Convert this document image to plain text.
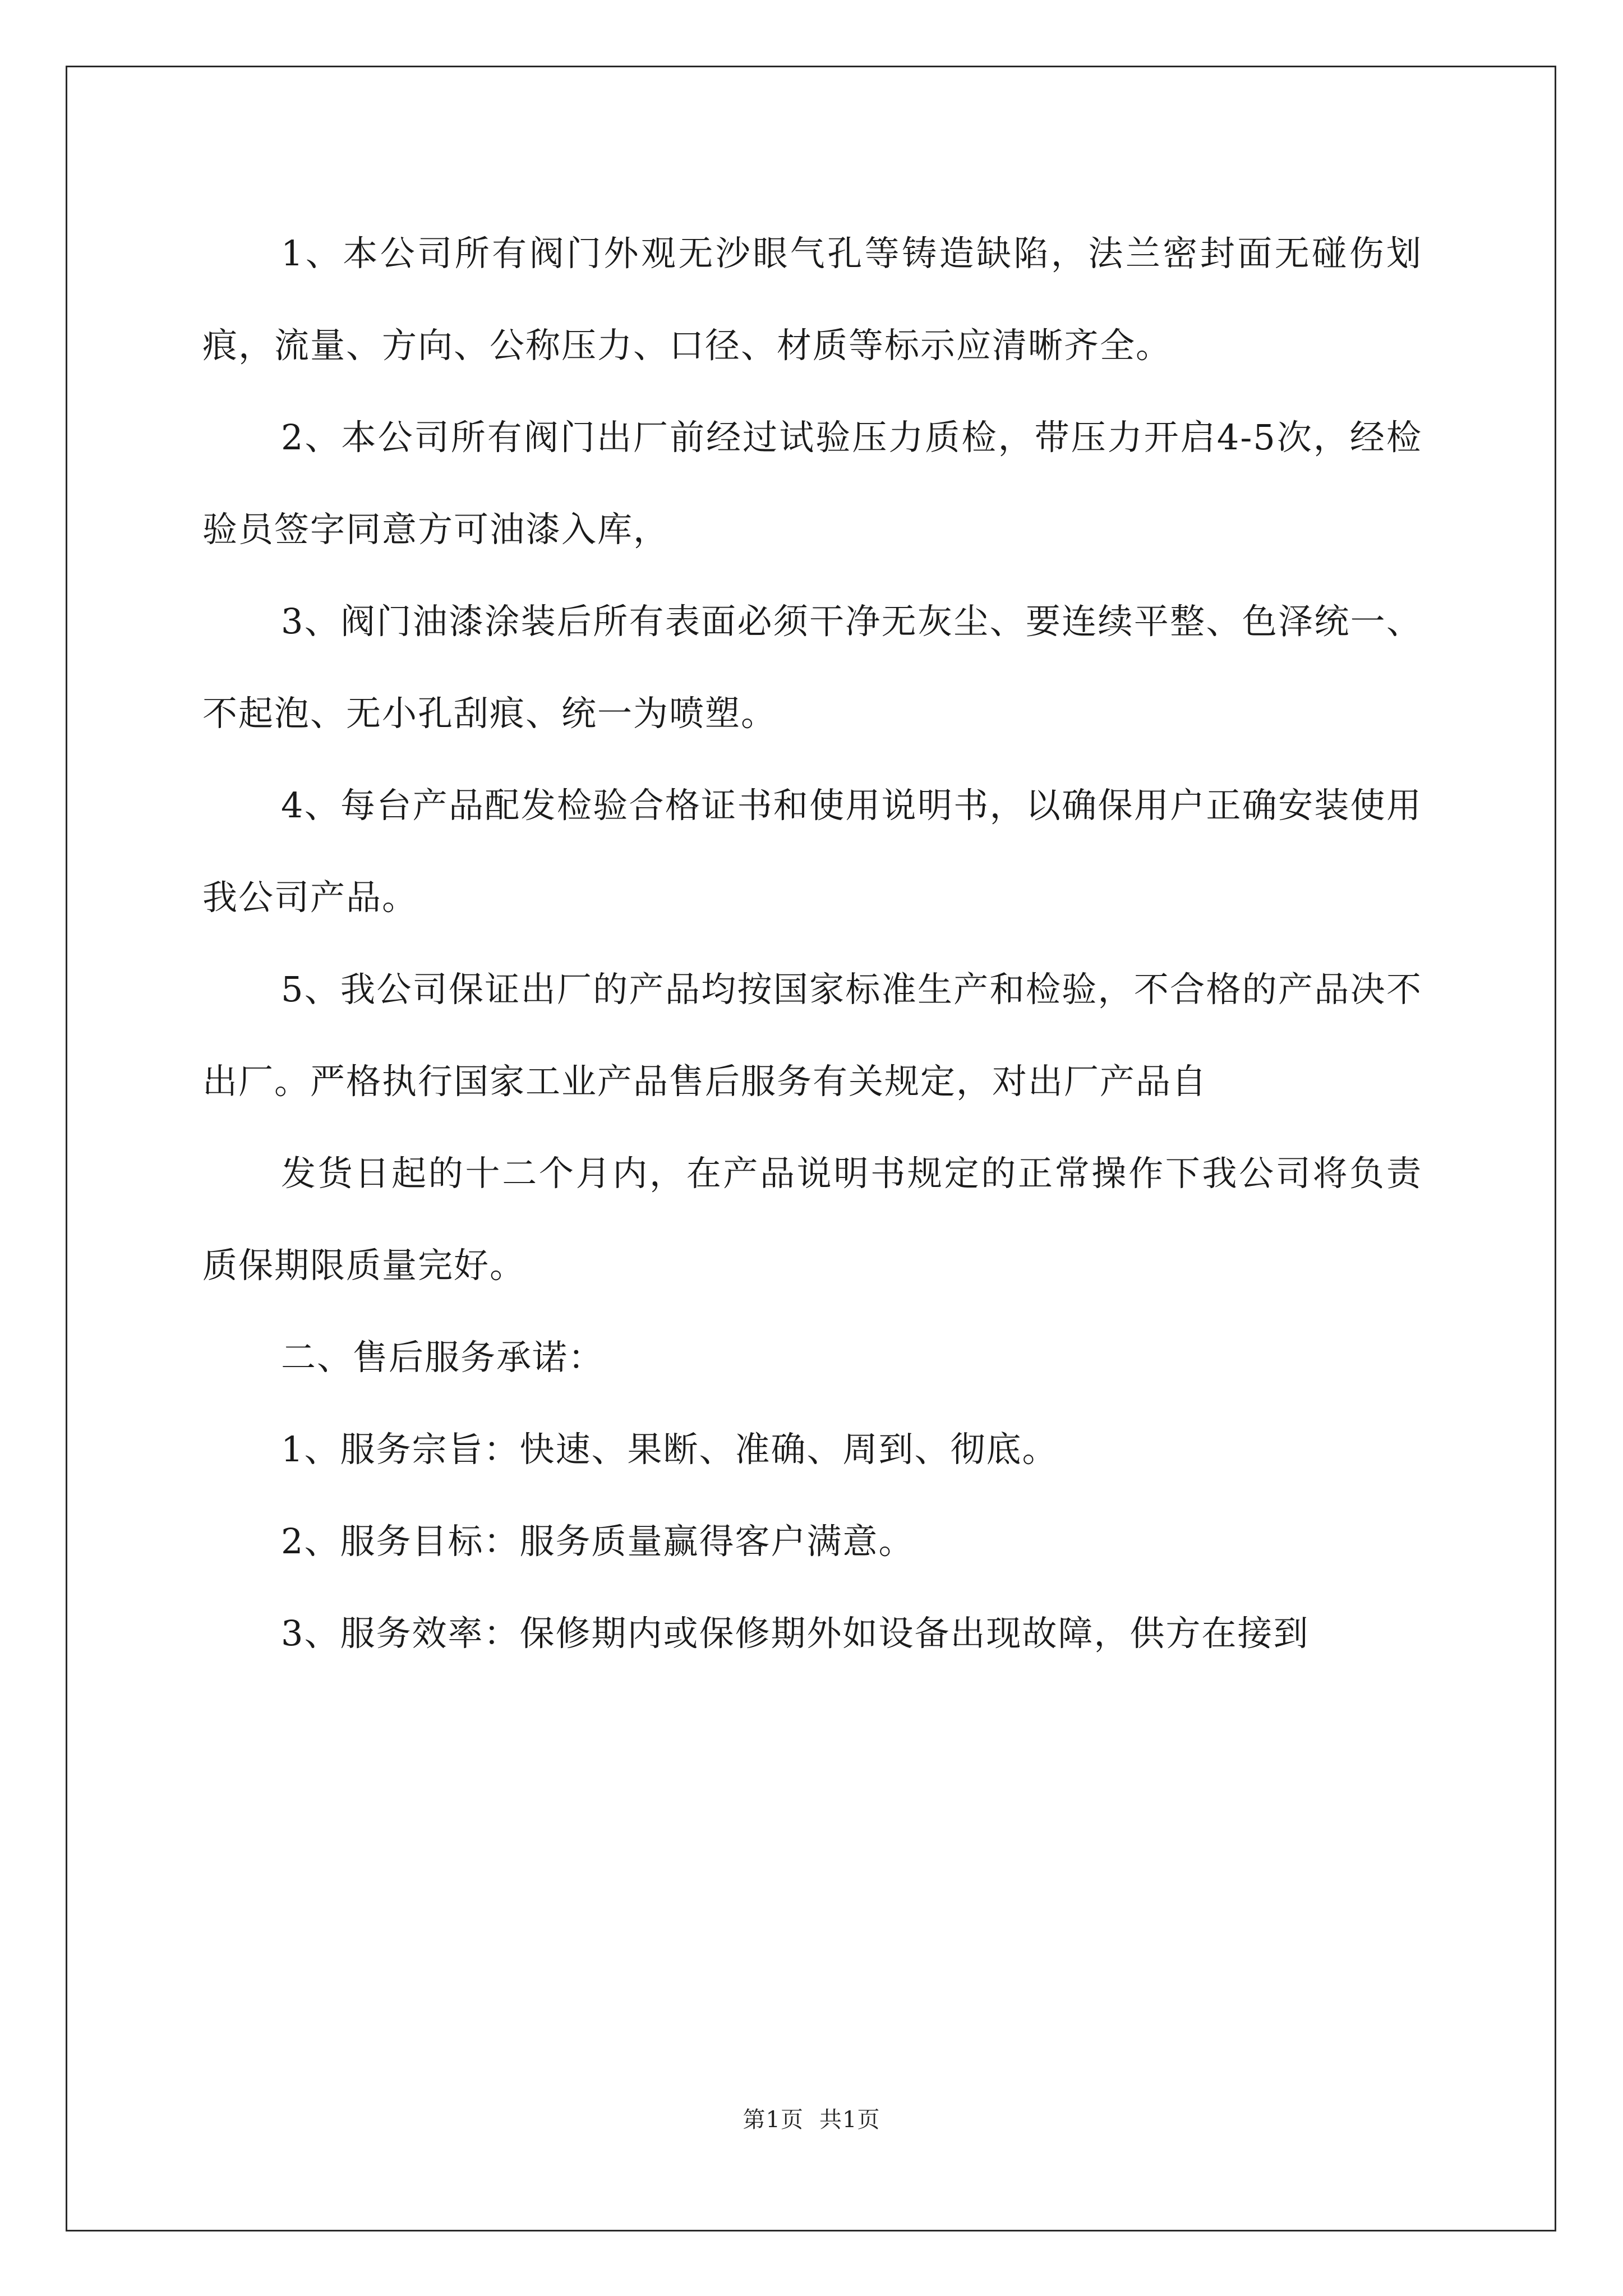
1、本公司所有阀门外观无沙眼气孔等铸造缺陷，法兰密封面无碰伤划痕，流量、方向、公称压力、口径、材质等标示应清晰齐全。

2、本公司所有阀门出厂前经过试验压力质检，带压力开启4-5次，经检验员签字同意方可油漆入库，

3、阀门油漆涂装后所有表面必须干净无灰尘、要连续平整、色泽统一、不起泡、无小孔刮痕、统一为喷塑。

4、每台产品配发检验合格证书和使用说明书，以确保用户正确安装使用我公司产品。

5、我公司保证出厂的产品均按国家标准生产和检验，不合格的产品决不出厂。严格执行国家工业产品售后服务有关规定，对出厂产品自

发货日起的十二个月内，在产品说明书规定的正常操作下我公司将负责质保期限质量完好。

二、售后服务承诺：

1、服务宗旨：快速、果断、准确、周到、彻底。

2、服务目标：服务质量赢得客户满意。

3、服务效率：保修期内或保修期外如设备出现故障，供方在接到

第1页 共1页
